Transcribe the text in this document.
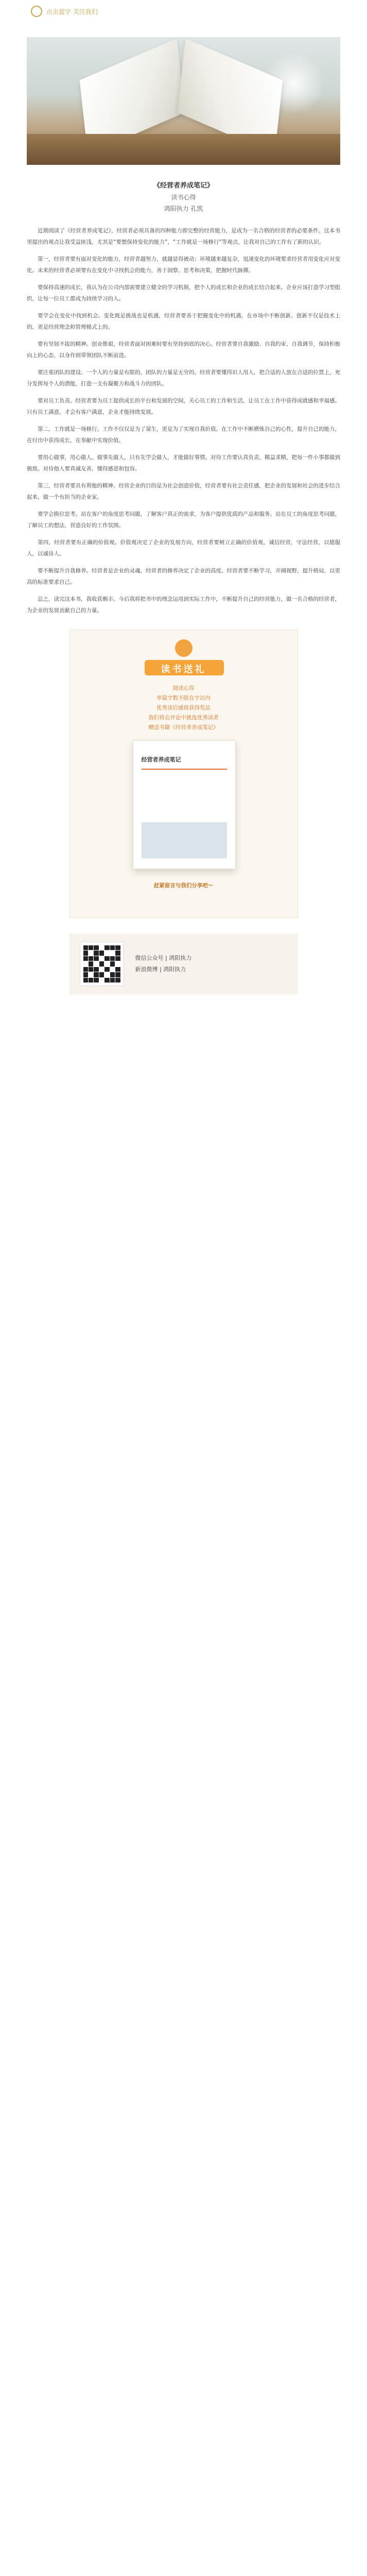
点击蓝字 关注我们
《经营者养成笔记》
读书心得
鸿阳执力 孔凯

近期阅读了《经营者养成笔记》，经营者必须具备的四种能力即完整的经营能力，是成为一名合格的经营者的必要条件。这本书里提出的观点让我受益匪浅，尤其是“要想保持变化的能力”，“工作就是一场修行”等观点，让我对自己的工作有了新的认识。

第一，经营者要有面对变化的能力，经营者越努力，就越显得被动；环境越来越复杂，迅速变化的环境要求经营者用变化应对变化。未来的经营者必须要有在变化中寻找机会的能力，善于洞察、思考和决策，把握时代脉搏。

要保持高速的成长，我认为在公司内部需要建立健全的学习机制，把个人的成长和企业的成长结合起来。企业应该打造学习型组织，让每一位员工都成为持续学习的人。

要学会在变化中找到机会。变化既是挑战也是机遇，经营者要善于把握变化中的机遇，在市场中不断创新。创新不仅是技术上的，更是经营理念和管理模式上的。

要有坚韧不拔的精神。创业维艰，经营者面对困难时要有坚持到底的决心。经营者要自我激励、自我约束、自我调节，保持积极向上的心态，以身作则带领团队不断前进。

要注重团队的建设。一个人的力量是有限的，团队的力量是无穷的。经营者要懂得识人用人，把合适的人放在合适的位置上，充分发挥每个人的潜能，打造一支有凝聚力和战斗力的团队。

要对员工负责。经营者要为员工提供成长的平台和发展的空间，关心员工的工作和生活，让员工在工作中获得成就感和幸福感。只有员工满意，才会有客户满意，企业才能持续发展。

第二，工作就是一场修行。工作不仅仅是为了谋生，更是为了实现自我价值。在工作中不断磨炼自己的心性，提升自己的能力，在付出中获得成长，在奉献中实现价值。

要用心做事，用心做人。做事先做人，只有先学会做人，才能做好事情。对待工作要认真负责，精益求精，把每一件小事都做到极致。对待他人要真诚友善，懂得感恩和包容。

第三，经营者要具有利他的精神。经营企业的目的是为社会创造价值，经营者要有社会责任感，把企业的发展和社会的进步结合起来，做一个有担当的企业家。

要学会换位思考。站在客户的角度思考问题，了解客户真正的需求，为客户提供优质的产品和服务。站在员工的角度思考问题，了解员工的想法，营造良好的工作氛围。

第四，经营者要有正确的价值观。价值观决定了企业的发展方向，经营者要树立正确的价值观，诚信经营，守法经营，以德服人，以诚待人。

要不断提升自我修养。经营者是企业的灵魂，经营者的修养决定了企业的高度。经营者要不断学习，开阔视野，提升格局，以更高的标准要求自己。

总之，读完这本书，我收获颇丰。今后我将把书中的理念运用到实际工作中，不断提升自己的经营能力，做一名合格的经营者，为企业的发展贡献自己的力量。

读书送礼
阅读心得
单篇字数不限在字以内
优秀读后感将获得奖品
我们将在评论中挑选优秀读者
赠送书籍《经营者养成笔记》
经营者养成笔记
赶紧留言与我们分享吧～
微信公众号 | 鸿阳执力
新浪微博 | 鸿阳执力
